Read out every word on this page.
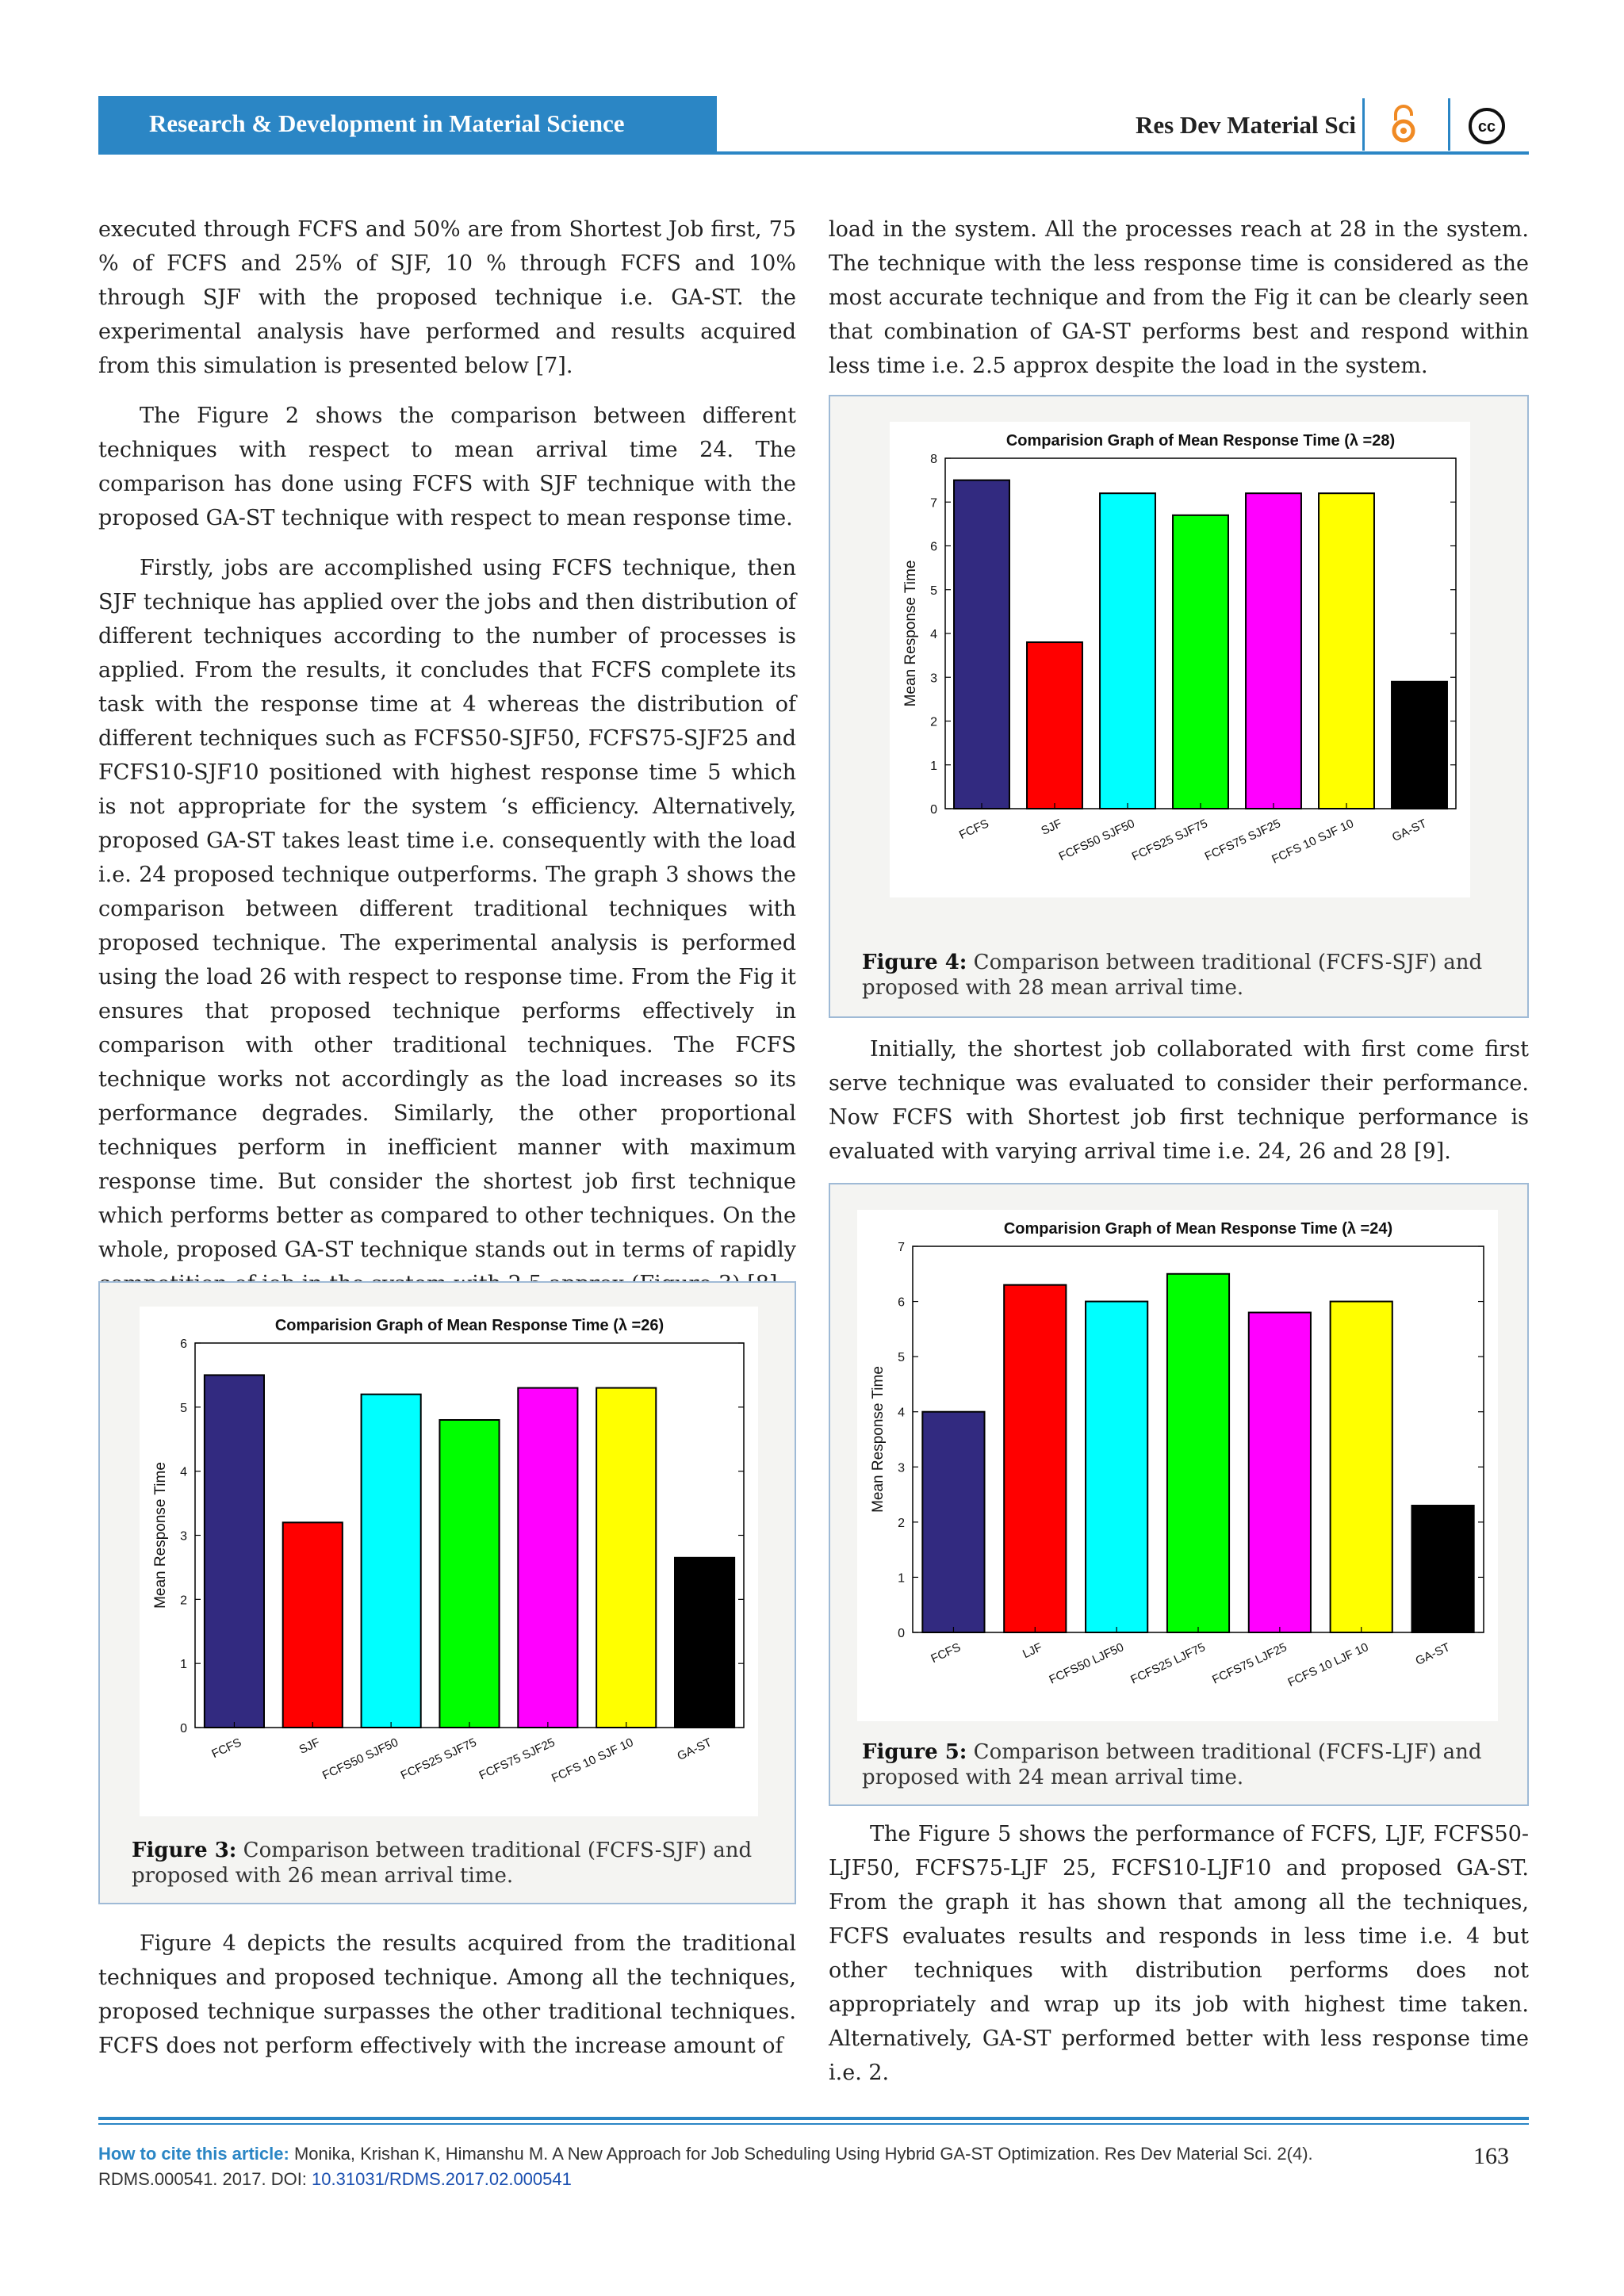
Research & Development in Material Science	Res Dev Material Sci	cc

executed through FCFS and 50% are from Shortest Job first, 75 % of FCFS and 25% of SJF, 10 % through FCFS and 10% through SJF with the proposed technique i.e. GA-ST. the experimental analysis have performed and results acquired from this simulation is presented below [7].

The Figure 2 shows the comparison between different techniques with respect to mean arrival time 24. The comparison has done using FCFS with SJF technique with the proposed GA-ST technique with respect to mean response time.

Firstly, jobs are accomplished using FCFS technique, then SJF technique has applied over the jobs and then distribution of different techniques according to the number of processes is applied. From the results, it concludes that FCFS complete its task with the response time at 4 whereas the distribution of different techniques such as FCFS50-SJF50, FCFS75-SJF25 and FCFS10-SJF10 positioned with highest response time 5 which is not appropriate for the system ‘s efficiency. Alternatively, proposed GA-ST takes least time i.e. consequently with the load i.e. 24 proposed technique outperforms. The graph 3 shows the comparison between different traditional techniques with proposed technique. The experimental analysis is performed using the load 26 with respect to response time. From the Fig it ensures that proposed technique performs effectively in comparison with other traditional techniques. The FCFS technique works not accordingly as the load increases so its performance degrades. Similarly, the other proportional techniques perform in inefficient manner with maximum response time. But consider the shortest job first technique which performs better as compared to other techniques. On the whole, proposed GA-ST technique stands out in terms of rapidly

Comparision Graph of Mean Response Time (λ =26)
0
1
2
3
4
5
6
Mean Response Time
FCFS	SJF
FCFS50 SJF50
FCFS25 SJF75
FCFS75 SJF25
FCFS 10 SJF 10	GA-ST
Figure 3: Comparison between traditional (FCFS-SJF) and proposed with 26 mean arrival time.

Figure 4 depicts the results acquired from the traditional techniques and proposed technique. Among all the techniques, proposed technique surpasses the other traditional techniques. FCFS does not perform effectively with the increase amount of

load in the system. All the processes reach at 28 in the system. The technique with the less response time is considered as the most accurate technique and from the Fig it can be clearly seen that combination of GA-ST performs best and respond within less time i.e. 2.5 approx despite the load in the system.

Comparision Graph of Mean Response Time (λ =28)
0
1
2
3
4
5
6
7
8
Mean Response Time
FCFS	SJF
FCFS50 SJF50
FCFS25 SJF75
FCFS75 SJF25
FCFS 10 SJF 10	GA-ST
Figure 4: Comparison between traditional (FCFS-SJF) and proposed with 28 mean arrival time.

Initially, the shortest job collaborated with first come first serve technique was evaluated to consider their performance. Now FCFS with Shortest job first technique performance is evaluated with varying arrival time i.e. 24, 26 and 28 [9].

Comparision Graph of Mean Response Time (λ =24)
0
1
2
3
4
5
6
7
Mean Response Time
FCFS	LJF FCFS50 LJF50 FCFS25 LJF75 FCFS75 LJF25
FCFS 10 LJF 10	GA-ST
Figure 5: Comparison between traditional (FCFS-LJF) and proposed with 24 mean arrival time.

The Figure 5 shows the performance of FCFS, LJF, FCFS50-LJF50, FCFS75-LJF 25, FCFS10-LJF10 and proposed GA-ST. From the graph it has shown that among all the techniques, FCFS evaluates results and responds in less time i.e. 4 but other techniques with distribution performs does not appropriately and wrap up its job with highest time taken. Alternatively, GA-ST performed better with less response time i.e. 2.

How to cite this article: Monika, Krishan K, Himanshu M. A New Approach for Job Scheduling Using Hybrid GA-ST Optimization. Res Dev Material Sci. 2(4).
RDMS.000541. 2017. DOI: 10.31031/RDMS.2017.02.000541
163
